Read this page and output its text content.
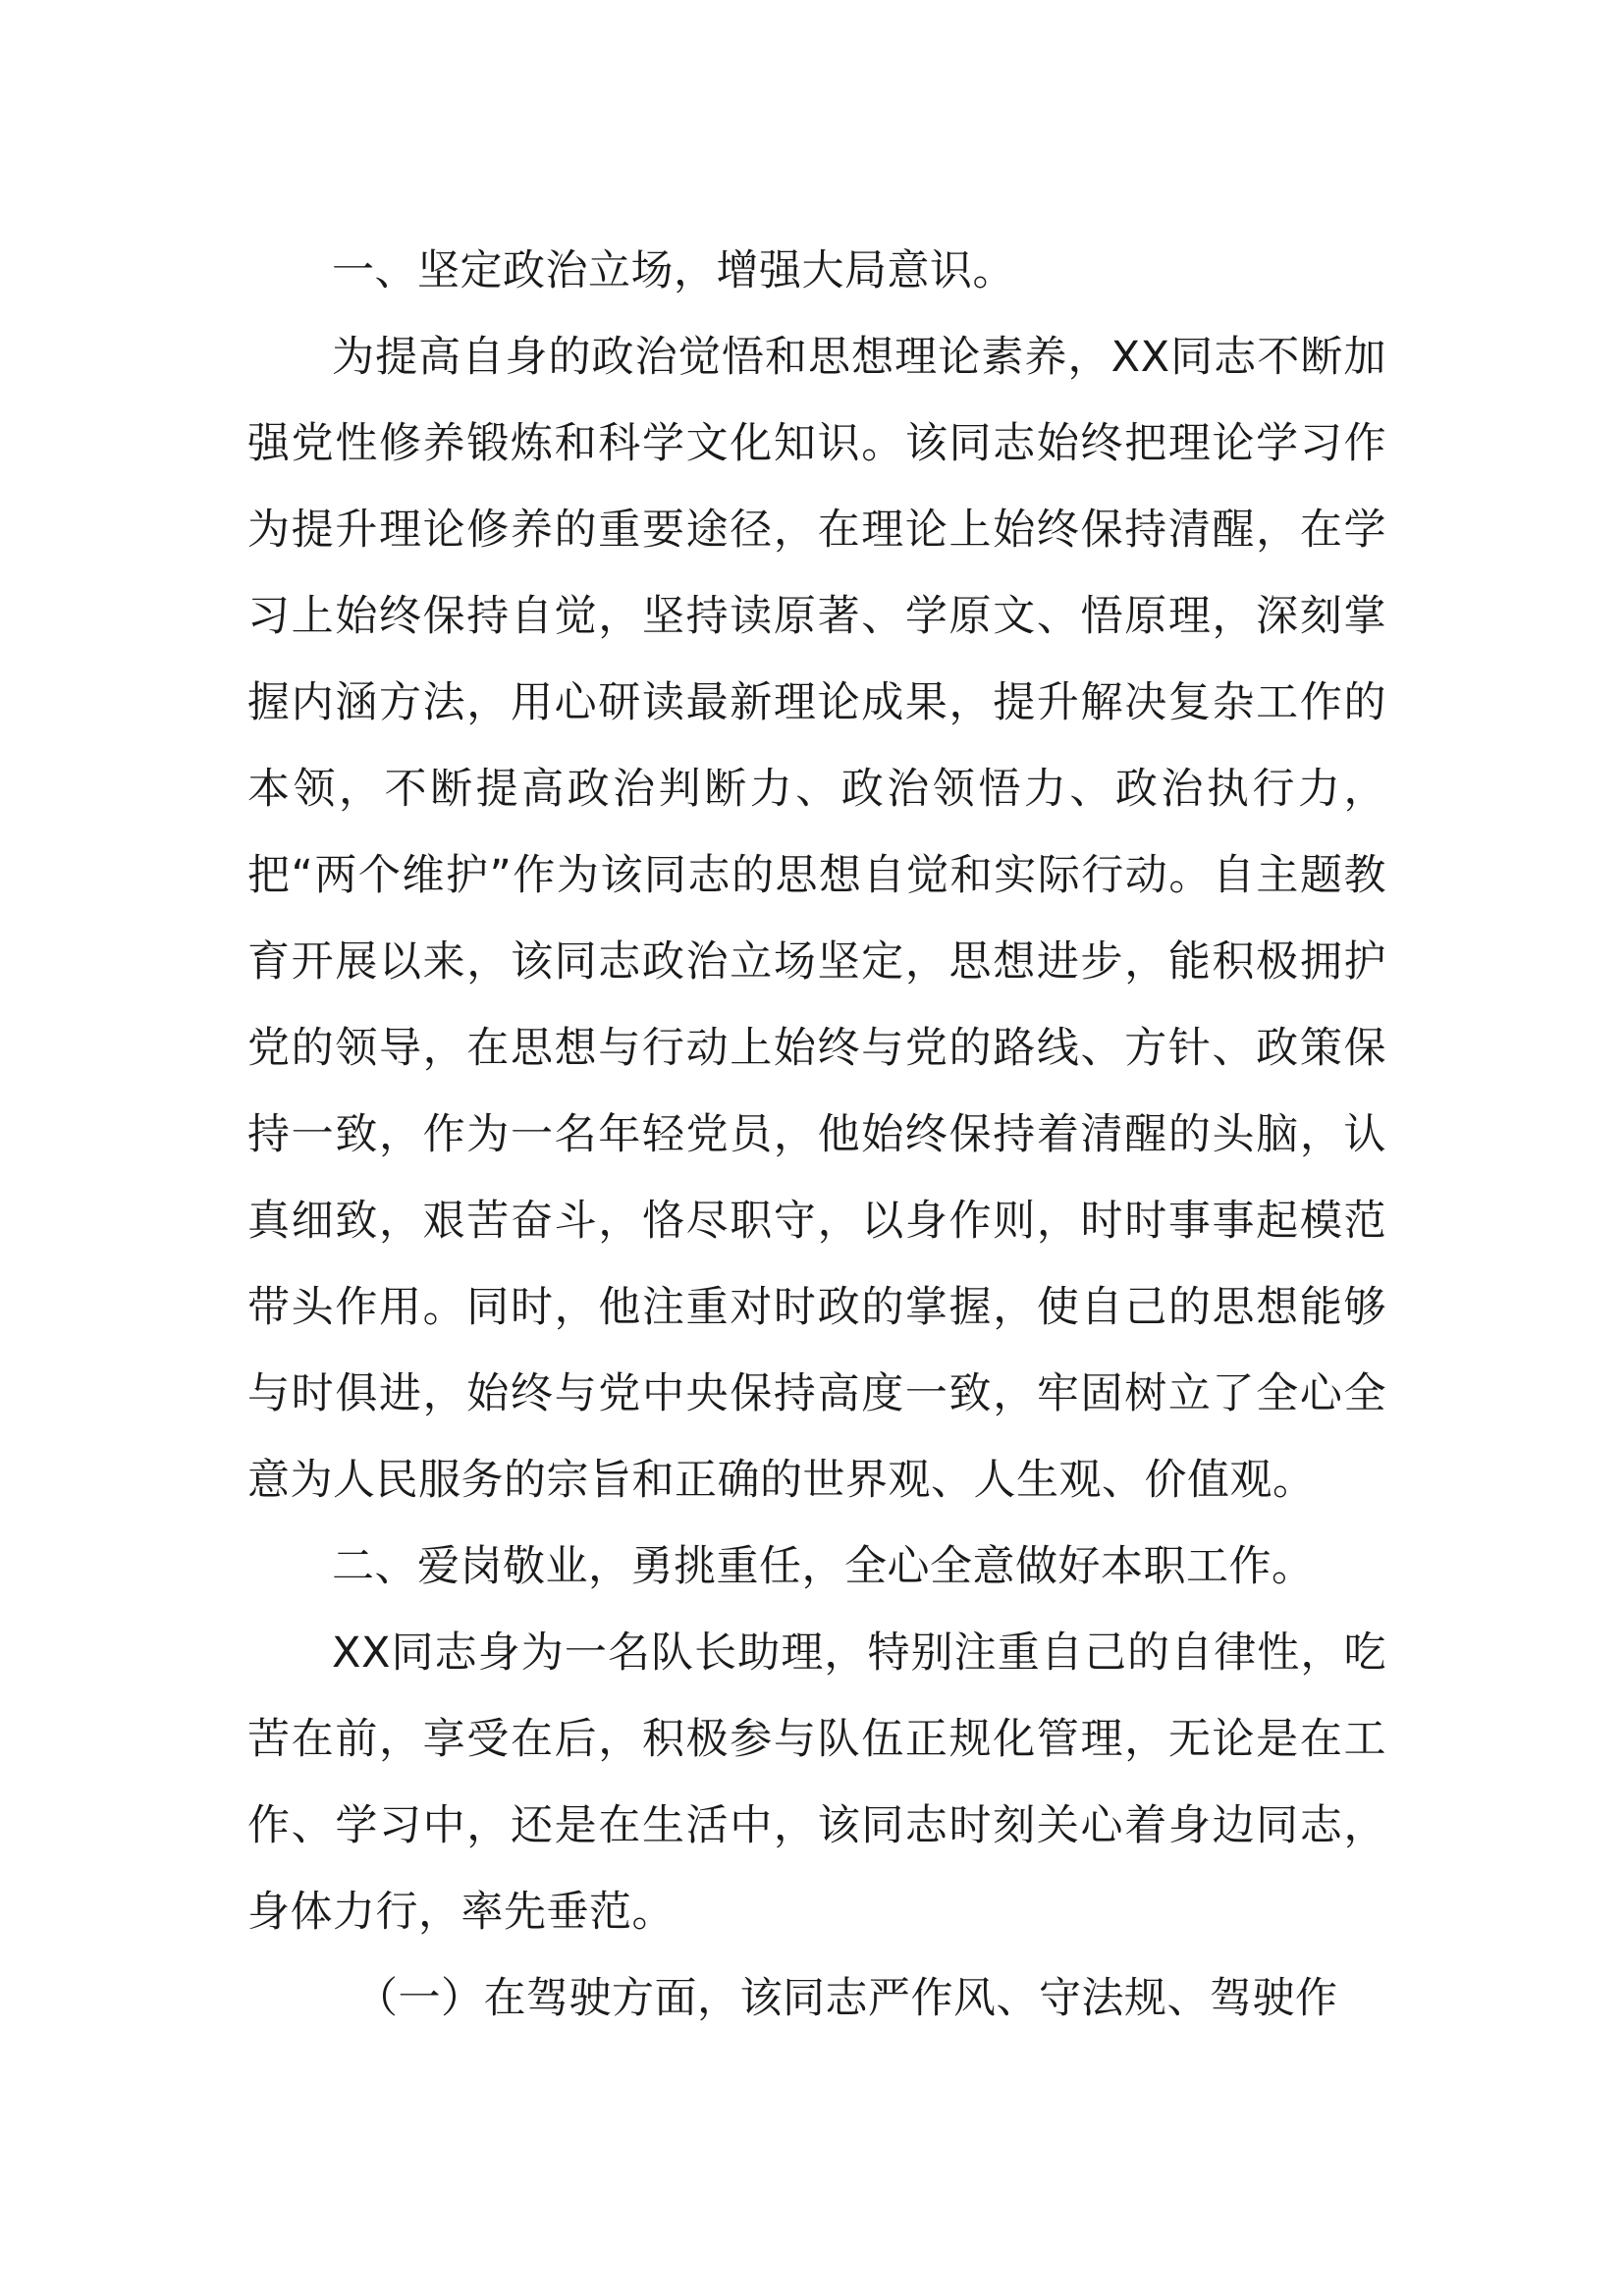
一、坚定政治立场，增强大局意识。

为提高自身的政治觉悟和思想理论素养，XX同志不断加强党性修养锻炼和科学文化知识。该同志始终把理论学习作为提升理论修养的重要途径，在理论上始终保持清醒，在学习上始终保持自觉，坚持读原著、学原文、悟原理，深刻掌握内涵方法，用心研读最新理论成果，提升解决复杂工作的本领，不断提高政治判断力、政治领悟力、政治执行力，把“两个维护”作为该同志的思想自觉和实际行动。自主题教育开展以来，该同志政治立场坚定，思想进步，能积极拥护党的领导，在思想与行动上始终与党的路线、方针、政策保持一致，作为一名年轻党员，他始终保持着清醒的头脑，认真细致，艰苦奋斗，恪尽职守，以身作则，时时事事起模范带头作用。同时，他注重对时政的掌握，使自己的思想能够与时俱进，始终与党中央保持高度一致，牢固树立了全心全意为人民服务的宗旨和正确的世界观、人生观、价值观。

二、爱岗敬业，勇挑重任，全心全意做好本职工作。

XX同志身为一名队长助理，特别注重自己的自律性，吃苦在前，享受在后，积极参与队伍正规化管理，无论是在工作、学习中，还是在生活中，该同志时刻关心着身边同志，身体力行，率先垂范。

（一）在驾驶方面，该同志严作风、守法规、驾驶作
